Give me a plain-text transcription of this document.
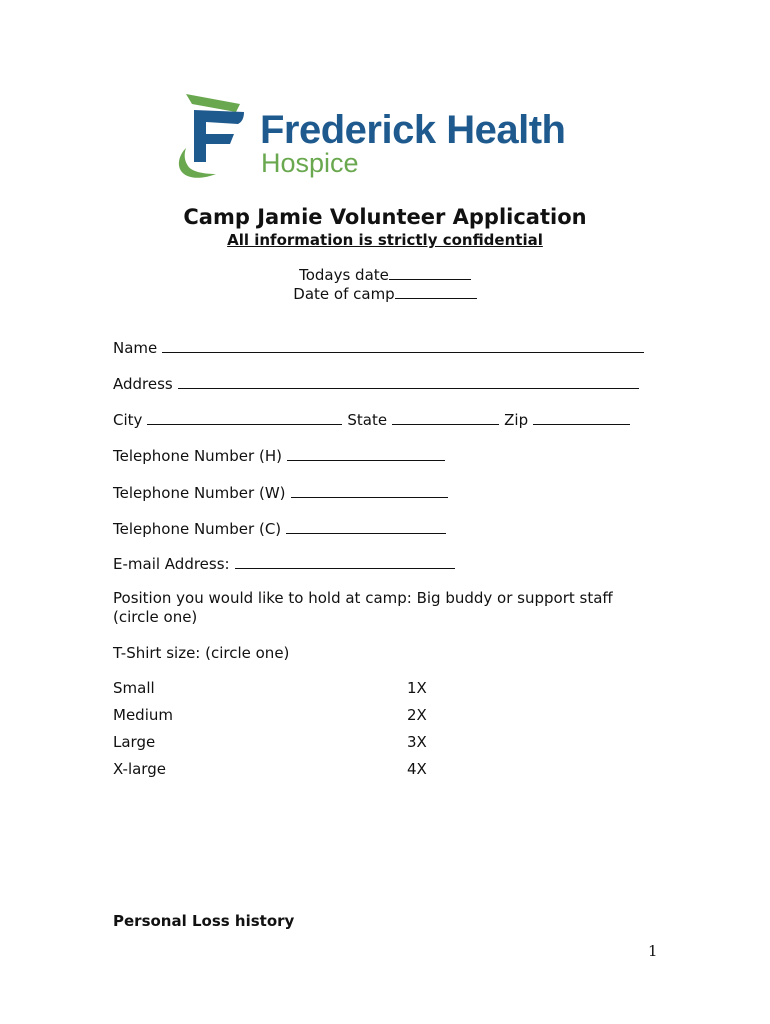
Frederick Health
Hospice
Camp Jamie Volunteer Application
All information is strictly confidential
Todays date
Date of camp
Name
Address
City	State	Zip
Telephone Number (H)
Telephone Number (W)
Telephone Number (C)
E-mail Address:
Position you would like to hold at camp: Big buddy or support staff (circle one)
T-Shirt size: (circle one)
Small
Medium
Large
X-large
1X
2X
3X
4X
Personal Loss history
1
